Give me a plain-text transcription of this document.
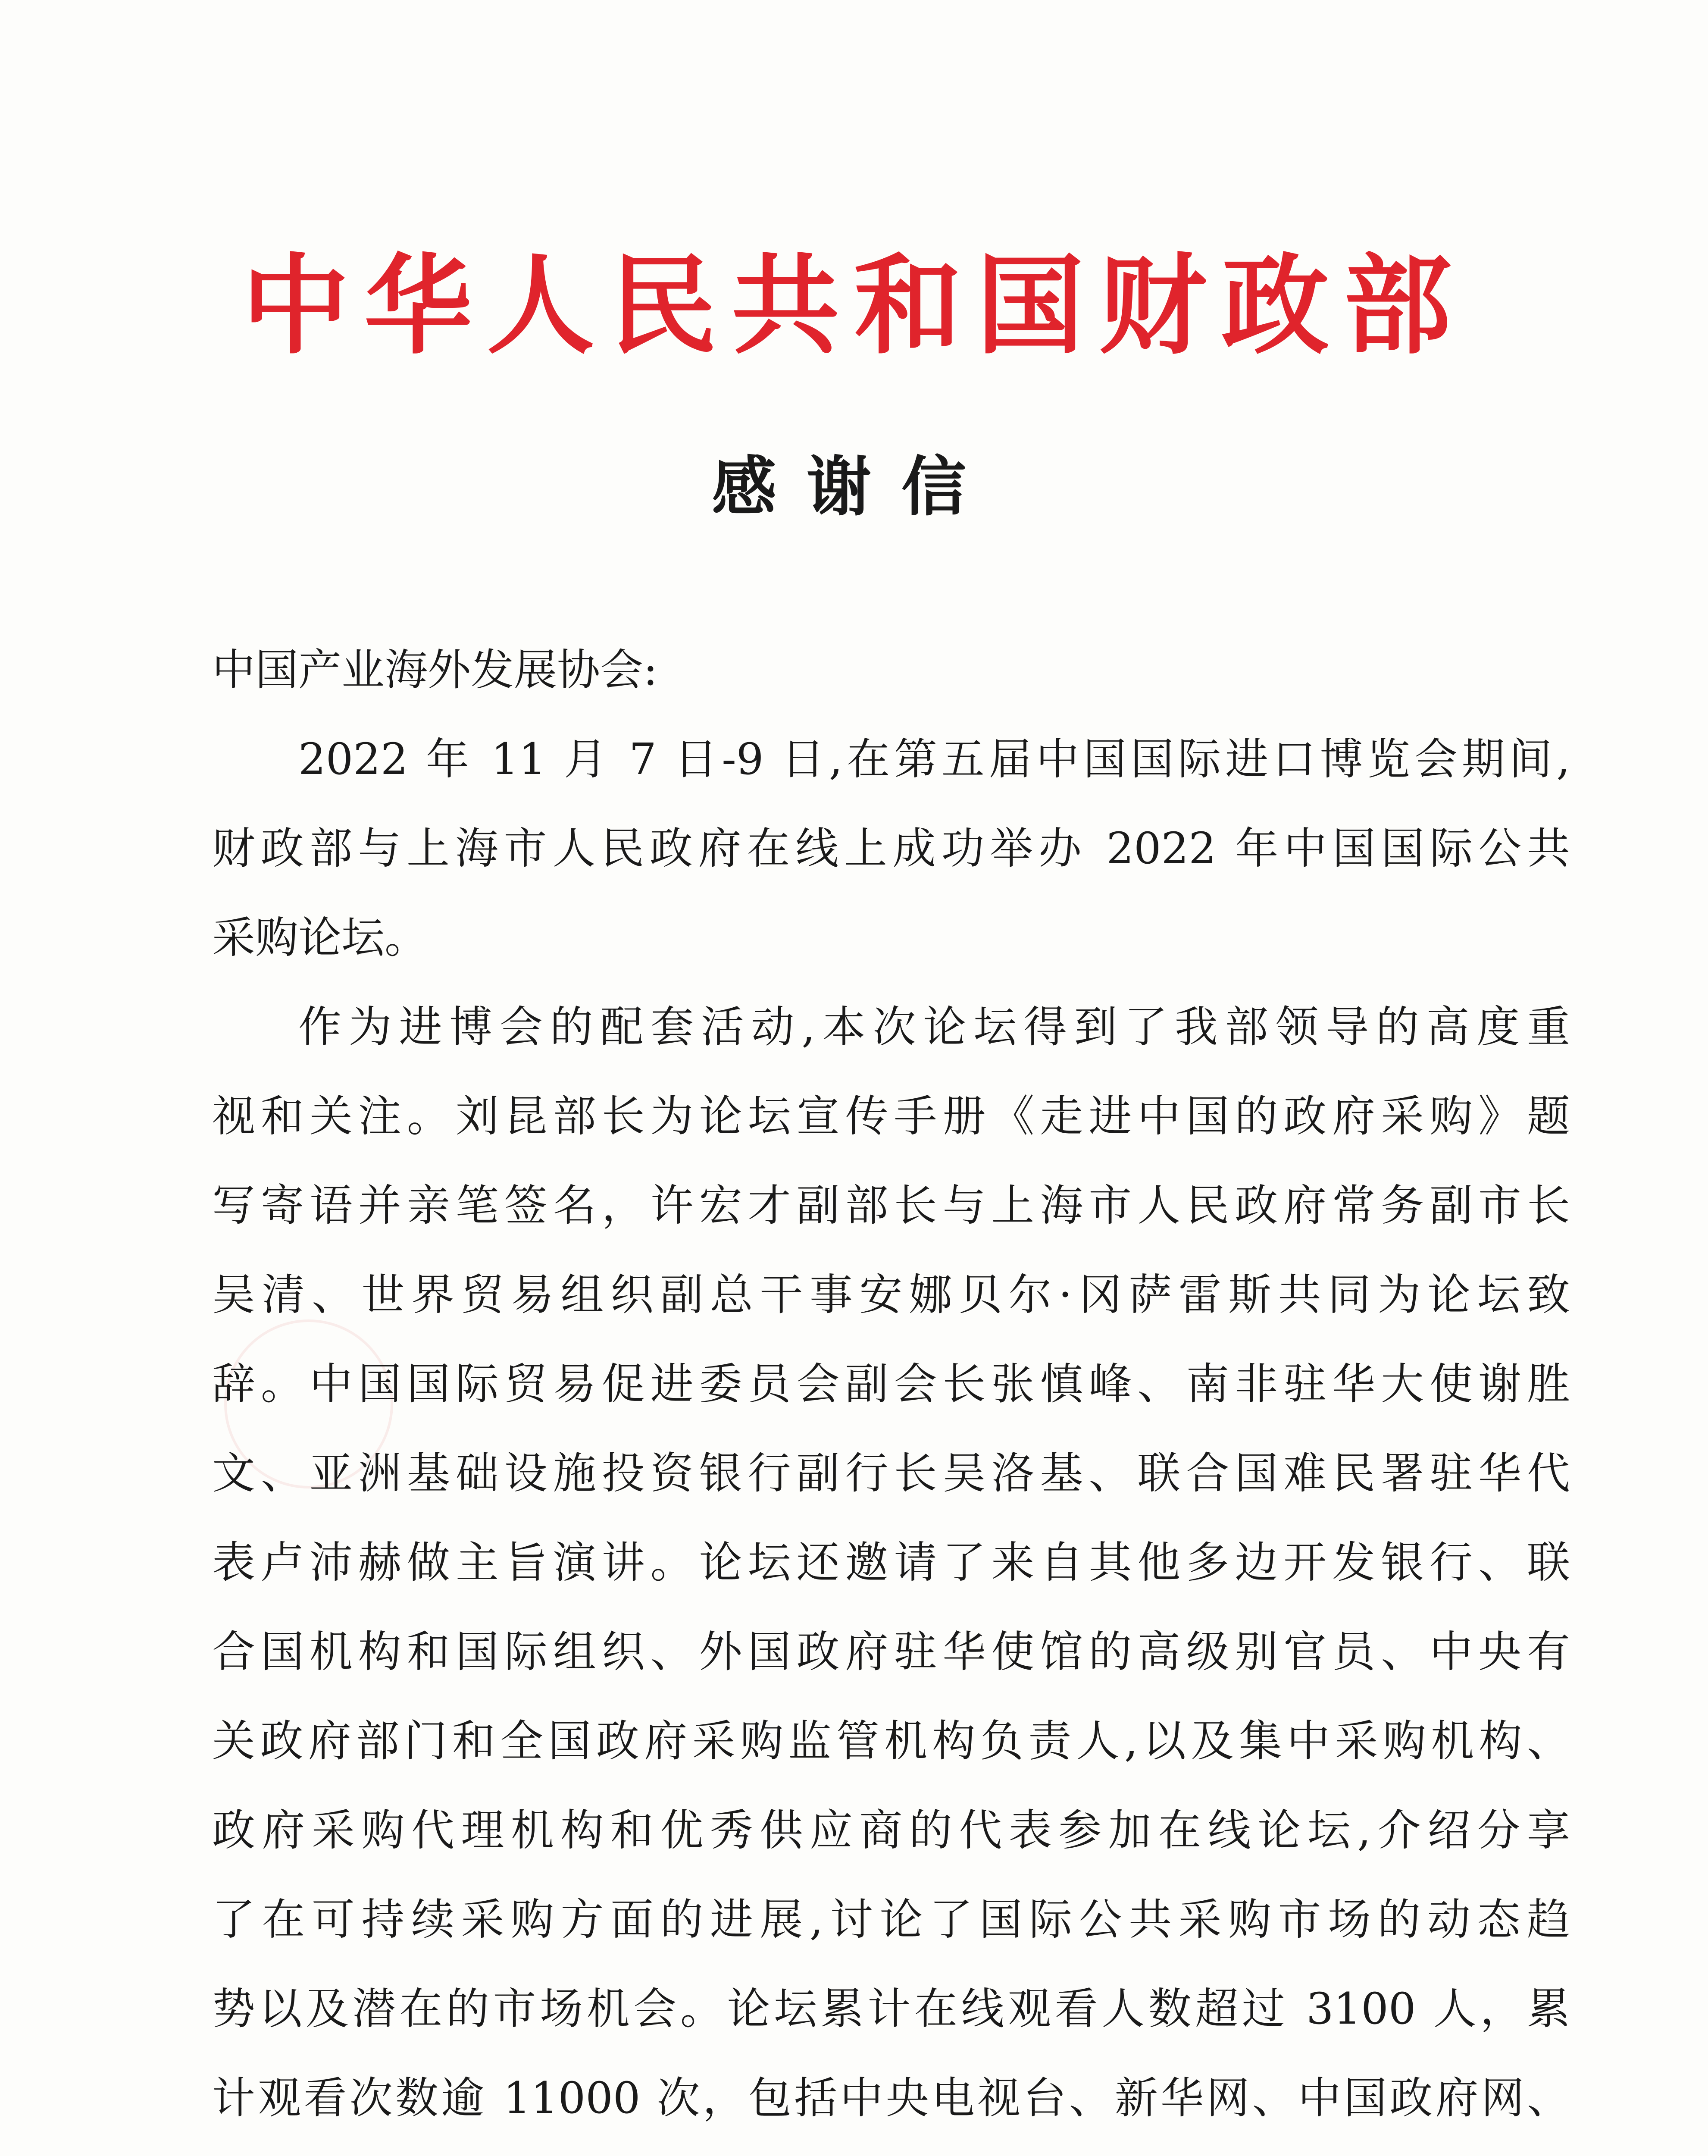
中华人民共和国财政部
感谢信
中国产业海外发展协会:
2022 年 11 月 7 日-9 日,在第五届中国国际进口博览会期间,
财政部与上海市人民政府在线上成功举办 2022 年中国国际公共
采购论坛。
作为进博会的配套活动,本次论坛得到了我部领导的高度重
视和关注。刘昆部长为论坛宣传手册《走进中国的政府采购》题
写寄语并亲笔签名，许宏才副部长与上海市人民政府常务副市长
吴清、世界贸易组织副总干事安娜贝尔·冈萨雷斯共同为论坛致
辞。中国国际贸易促进委员会副会长张慎峰、南非驻华大使谢胜
文、亚洲基础设施投资银行副行长吴洛基、联合国难民署驻华代
表卢沛赫做主旨演讲。论坛还邀请了来自其他多边开发银行、联
合国机构和国际组织、外国政府驻华使馆的高级别官员、中央有
关政府部门和全国政府采购监管机构负责人,以及集中采购机构、
政府采购代理机构和优秀供应商的代表参加在线论坛,介绍分享
了在可持续采购方面的进展,讨论了国际公共采购市场的动态趋
势以及潜在的市场机会。论坛累计在线观看人数超过 3100 人，累
计观看次数逾 11000 次，包括中央电视台、新华网、中国政府网、
